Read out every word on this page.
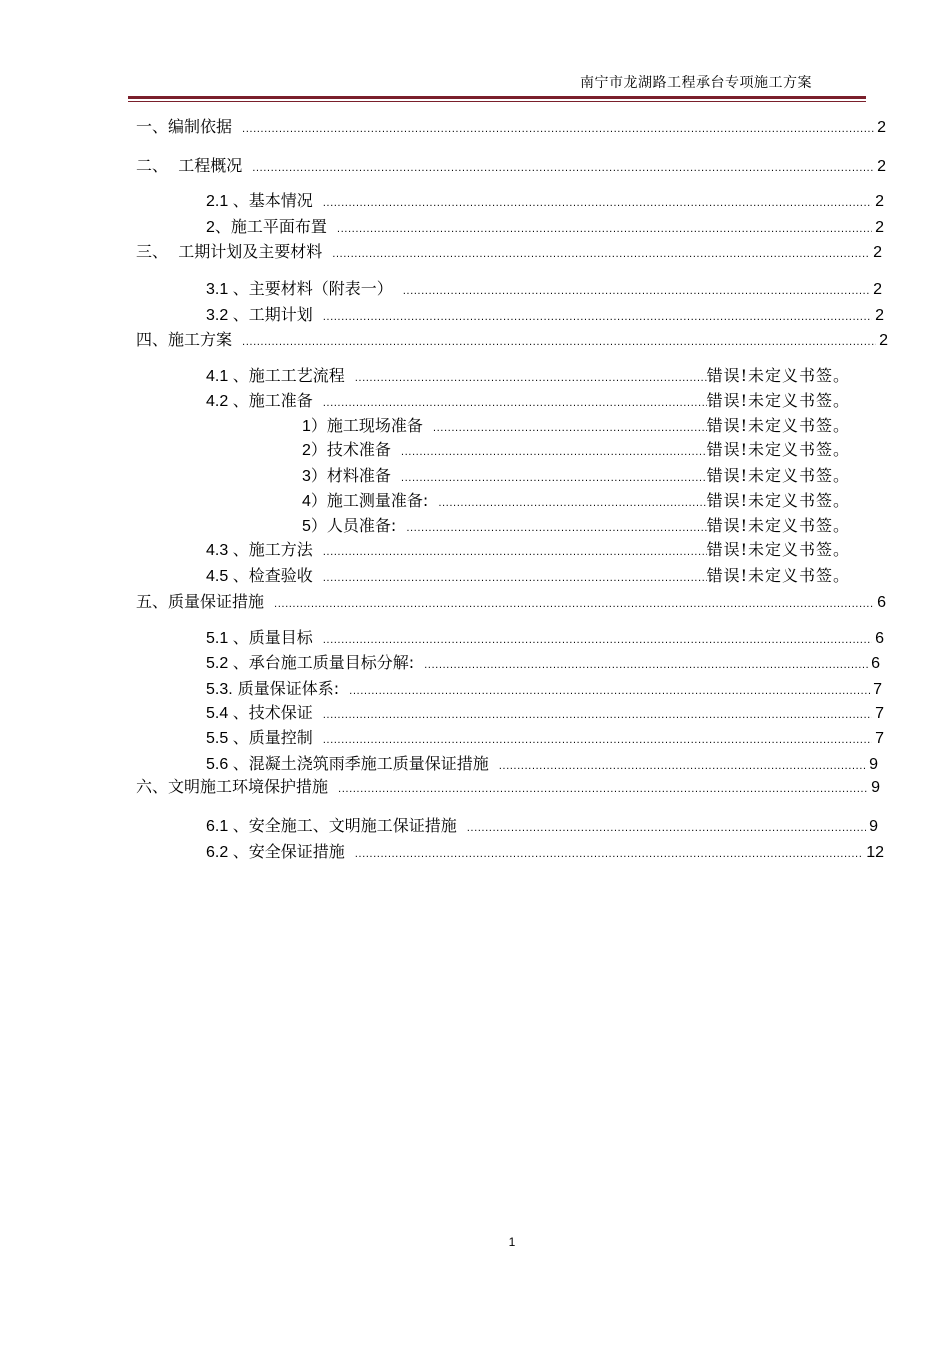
南宁市龙湖路工程承台专项施工方案
一、 编制依据 .....	2
二、 工程概况 .....	2
2.1 、 基本情况 .....	2
2、 施工平面布置 .....	2
三、 工期计划及主要材料 .....	2
3.1 、 主要材料（附表一） .....	2
3.2 、 工期计划 .....	2
四、 施工方案 .....	2
4.1 、 施工工艺流程 .....	错误!未定义书签。
4.2 、 施工准备 .....	错误!未定义书签。
1） 施工现场准备 .....	错误!未定义书签。
2） 技术准备 .....	错误!未定义书签。
3） 材料准备 .....	错误!未定义书签。
4） 施工测量准备: .....	错误!未定义书签。
5） 人员准备: .....	错误!未定义书签。
4.3 、 施工方法 .....	错误!未定义书签。
4.5 、 检查验收 .....	错误!未定义书签。
五、 质量保证措施 .....	6
5.1 、 质量目标 .....	6
5.2 、 承台施工质量目标分解: .....	6
5.3. 质量保证体系: .....	7
5.4 、 技术保证 .....	7
5.5 、 质量控制 .....	7
5.6 、 混凝土浇筑雨季施工质量保证措施 .....	9
六、 文明施工环境保护措施 .....	9
6.1 、 安全施工、文明施工保证措施 .....	9
6.2 、 安全保证措施 .....	12
1
